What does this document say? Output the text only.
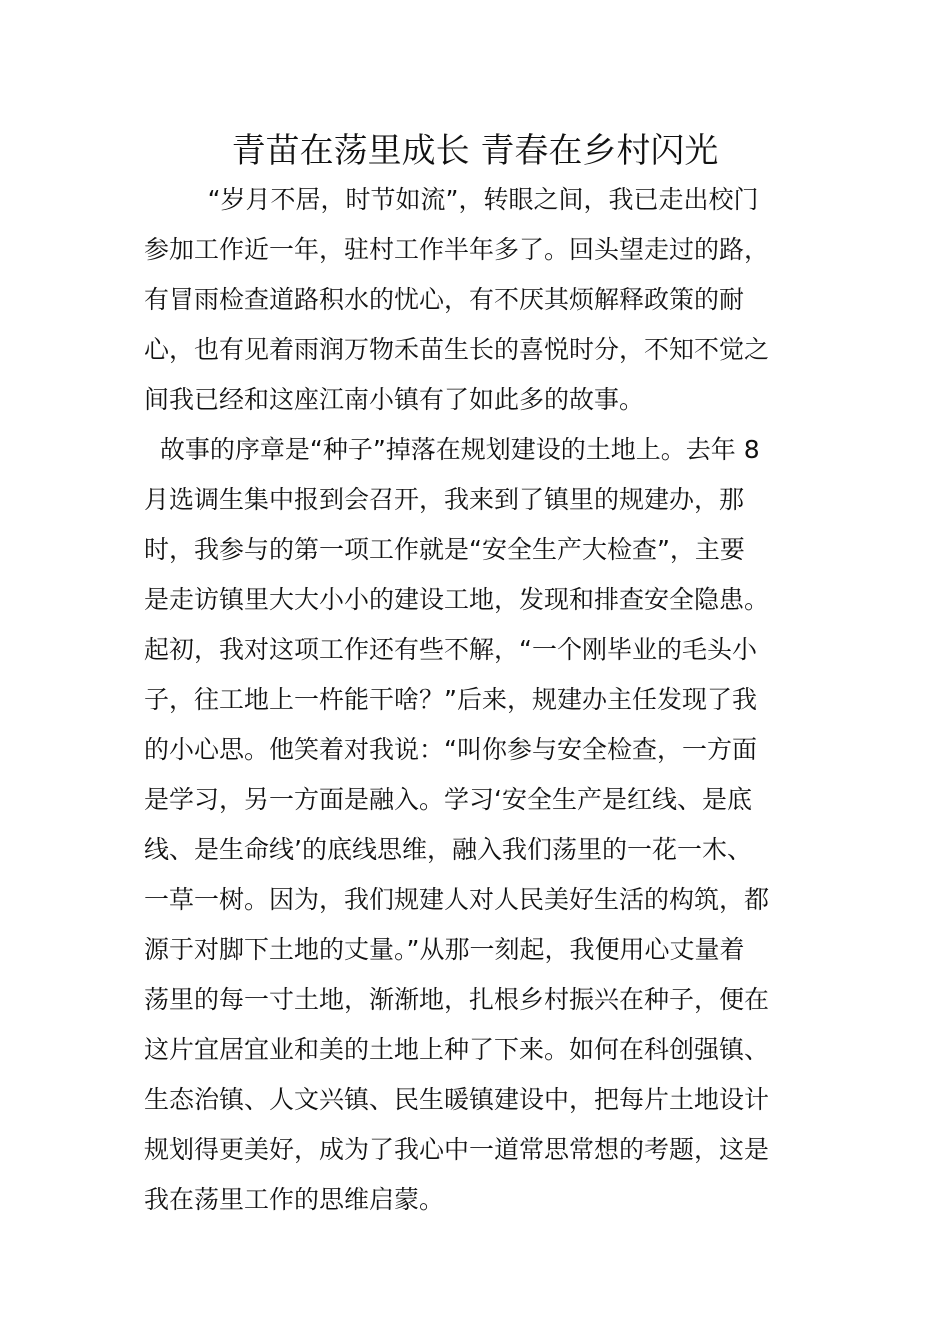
青苗在荡里成长 青春在乡村闪光
“岁月不居，时节如流”，转眼之间，我已走出校门
参加工作近一年，驻村工作半年多了。回头望走过的路，
有冒雨检查道路积水的忧心，有不厌其烦解释政策的耐
心，也有见着雨润万物禾苗生长的喜悦时分，不知不觉之
间我已经和这座江南小镇有了如此多的故事。
故事的序章是“种子”掉落在规划建设的土地上。去年 8
月选调生集中报到会召开，我来到了镇里的规建办，那
时，我参与的第一项工作就是“安全生产大检查”，主要
是走访镇里大大小小的建设工地，发现和排查安全隐患。
起初，我对这项工作还有些不解，“一个刚毕业的毛头小
子，往工地上一杵能干啥？”后来，规建办主任发现了我
的小心思。他笑着对我说：“叫你参与安全检查，一方面
是学习，另一方面是融入。学习‘安全生产是红线、是底
线、是生命线’的底线思维，融入我们荡里的一花一木、
一草一树。因为，我们规建人对人民美好生活的构筑，都
源于对脚下土地的丈量。”从那一刻起，我便用心丈量着
荡里的每一寸土地，渐渐地，扎根乡村振兴在种子，便在
这片宜居宜业和美的土地上种了下来。如何在科创强镇、
生态治镇、人文兴镇、民生暖镇建设中，把每片土地设计
规划得更美好，成为了我心中一道常思常想的考题，这是
我在荡里工作的思维启蒙。
